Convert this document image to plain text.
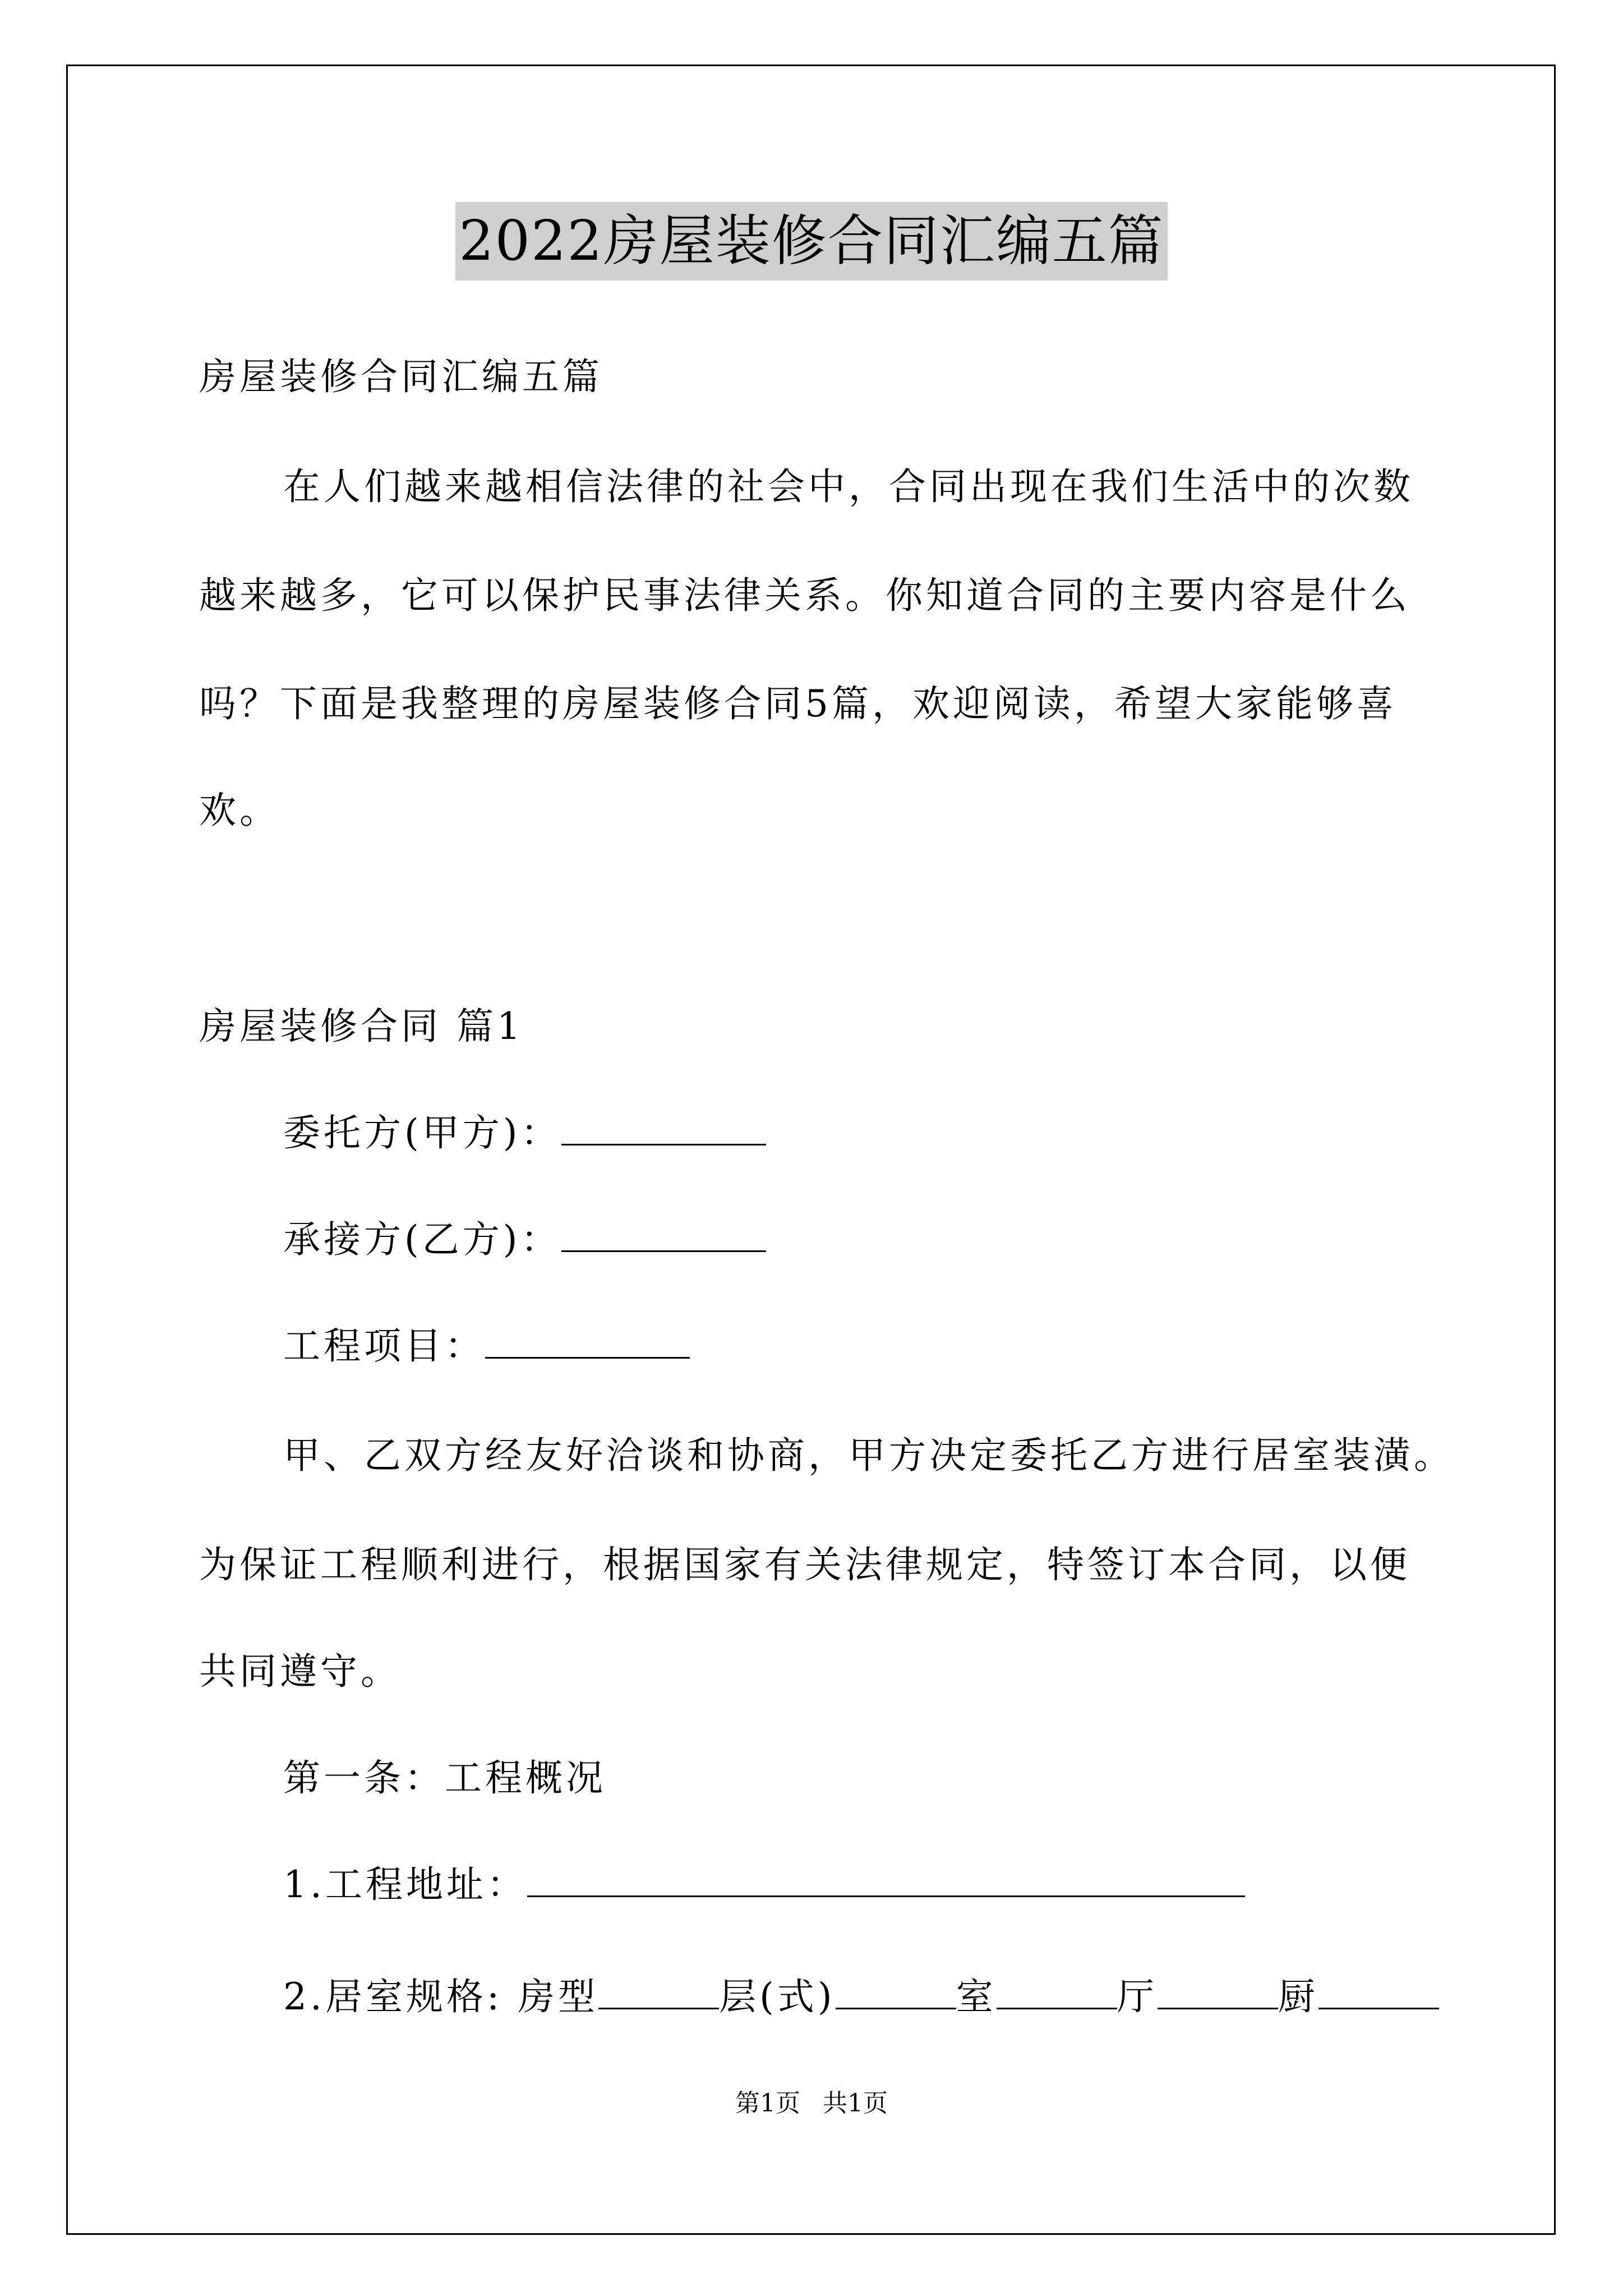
2022房屋装修合同汇编五篇
房屋装修合同汇编五篇
在人们越来越相信法律的社会中，合同出现在我们生活中的次数
越来越多，它可以保护民事法律关系。你知道合同的主要内容是什么
吗？下面是我整理的房屋装修合同5篇，欢迎阅读，希望大家能够喜
欢。
房屋装修合同 篇1
委托方(甲方)：
承接方(乙方)：
工程项目：
甲、乙双方经友好洽谈和协商，甲方决定委托乙方进行居室装潢。
为保证工程顺利进行，根据国家有关法律规定，特签订本合同，以便
共同遵守。
第一条：工程概况
1.工程地址：
2.居室规格: 房型	层(式)	室	厅	厨
第1页 共1页
